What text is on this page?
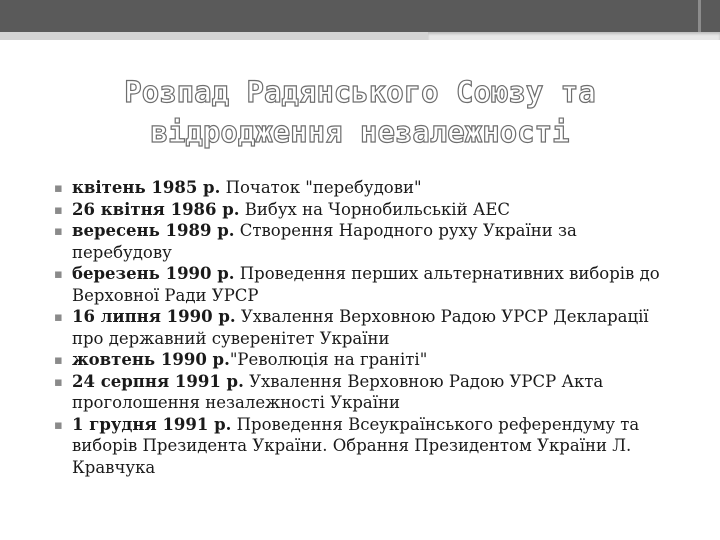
Розпад Радянського Союзу та
відродження незалежності
▪ квітень 1985 р. Початок "перебудови"
▪ 26 квітня 1986 р. Вибух на Чорнобильській АЕС
▪ вересень 1989 р. Створення Народного руху України за перебудову
▪ березень 1990 р. Проведення перших альтернативних виборів до Верховної Ради УРСР
▪ 16 липня 1990 р. Ухвалення Верховною Радою УРСР Декларації про державний суверенітет України
▪ жовтень 1990 р."Революція на граніті"
▪ 24 серпня 1991 р. Ухвалення Верховною Радою УРСР Акта проголошення незалежності України
▪ 1 грудня 1991 р. Проведення Всеукраїнського референдуму та виборів Президента України. Обрання Президентом України Л. Кравчука
